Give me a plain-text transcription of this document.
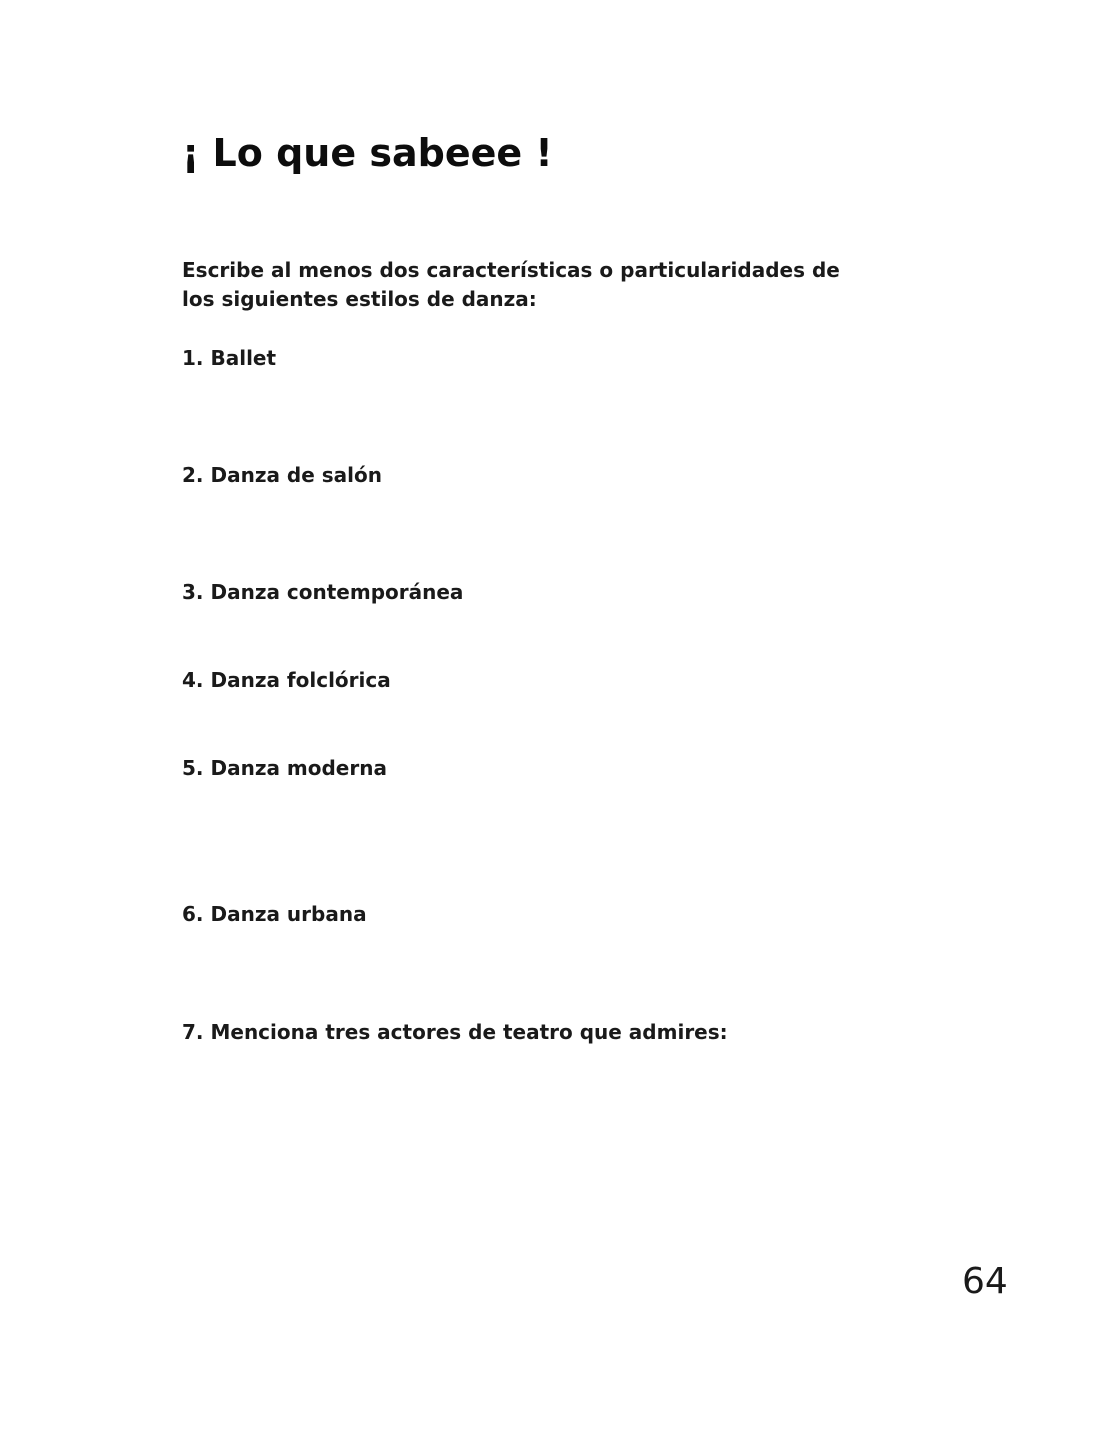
¡ Lo que sabeee !

Escribe al menos dos características o particularidades de los siguientes estilos de danza:

1. Ballet

2. Danza de salón

3. Danza contemporánea

4. Danza folclórica

5. Danza moderna

6. Danza urbana

7. Menciona tres actores de teatro que admires:

64
